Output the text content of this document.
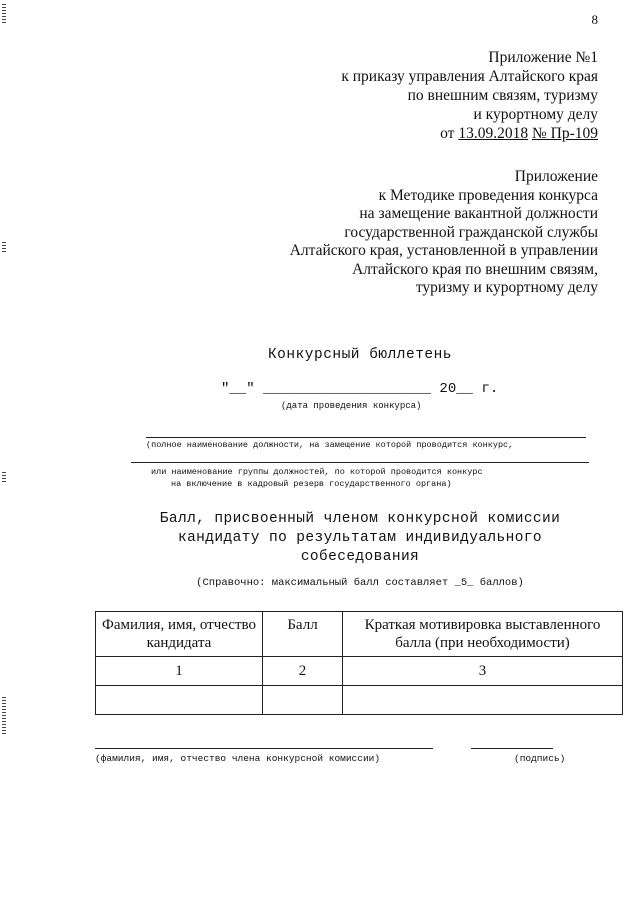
8
Приложение №1
к приказу управления Алтайского края
по внешним связям, туризму
и курортному делу
от 13.09.2018 № Пр-109
Приложение
к Методике проведения конкурса
на замещение вакантной должности
государственной гражданской службы
Алтайского края, установленной в управлении
Алтайского края по внешним связям,
туризму и курортному делу
Конкурсный бюллетень
"__" ____________________ 20__ г.
(дата проведения конкурса)
(полное наименование должности, на замещение которой проводится конкурс,
или наименование группы должностей, по которой проводится конкурс
на включение в кадровый резерв государственного органа)
Балл, присвоенный членом конкурсной комиссии
кандидату по результатам индивидуального
собеседования
(Справочно: максимальный балл составляет _5_ баллов)
Фамилия, имя, отчество кандидата	Балл	Краткая мотивировка выставленного балла (при необходимости)
1	2	3

(фамилия, имя, отчество члена конкурсной комиссии)	(подпись)
